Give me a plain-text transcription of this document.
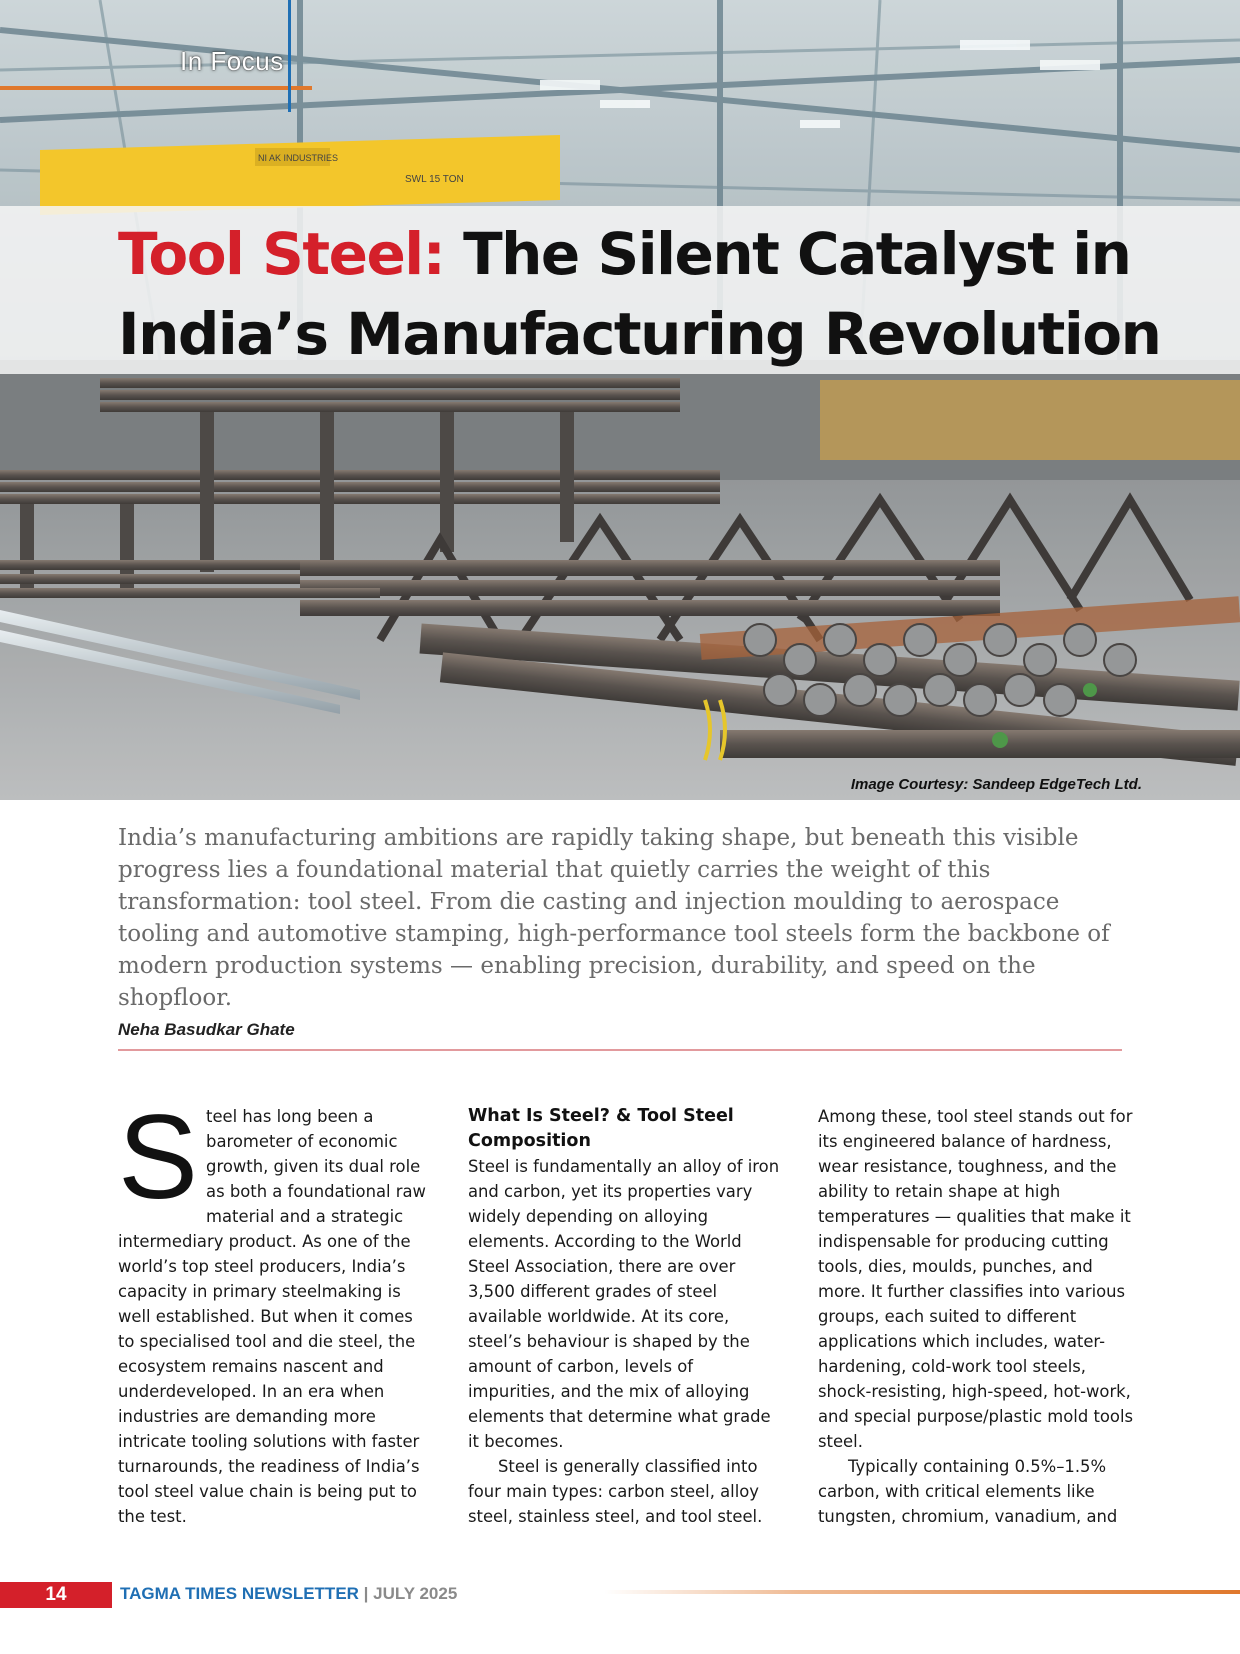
NI AK INDUSTRIES
SWL 15 TON
In Focus
Tool Steel: The Silent Catalyst in India’s Manufacturing Revolution
Image Courtesy: Sandeep EdgeTech Ltd.

India’s manufacturing ambitions are rapidly taking shape, but beneath this visible progress lies a foundational material that quietly carries the weight of this transformation: tool steel. From die casting and injection moulding to aerospace tooling and automotive stamping, high-performance tool steels form the backbone of modern production systems — enabling precision, durability, and speed on the shopfloor.

Neha Basudkar Ghate
S teel has long been a barometer of economic growth, given its dual role as both a foundational raw material and a strategic intermediary product. As one of the world’s top steel producers, India’s capacity in primary steelmaking is well established. But when it comes to specialised tool and die steel, the ecosystem remains nascent and underdeveloped. In an era when industries are demanding more intricate tooling solutions with faster turnarounds, the readiness of India’s tool steel value chain is being put to the test.

What Is Steel? & Tool Steel Composition

Steel is fundamentally an alloy of iron and carbon, yet its properties vary widely depending on alloying elements. According to the World Steel Association, there are over 3,500 different grades of steel available worldwide. At its core, steel’s behaviour is shaped by the amount of carbon, levels of impurities, and the mix of alloying elements that determine what grade it becomes.

Steel is generally classified into four main types: carbon steel, alloy steel, stainless steel, and tool steel.

Among these, tool steel stands out for its engineered balance of hardness, wear resistance, toughness, and the ability to retain shape at high temperatures — qualities that make it indispensable for producing cutting tools, dies, moulds, punches, and more. It further classifies into various groups, each suited to different applications which includes, water-hardening, cold-work tool steels, shock-resisting, high-speed, hot-work, and special purpose/plastic mold tools steel.

Typically containing 0.5%–1.5% carbon, with critical elements like tungsten, chromium, vanadium, and

14	TAGMA TIMES NEWSLETTER | JULY 2025
